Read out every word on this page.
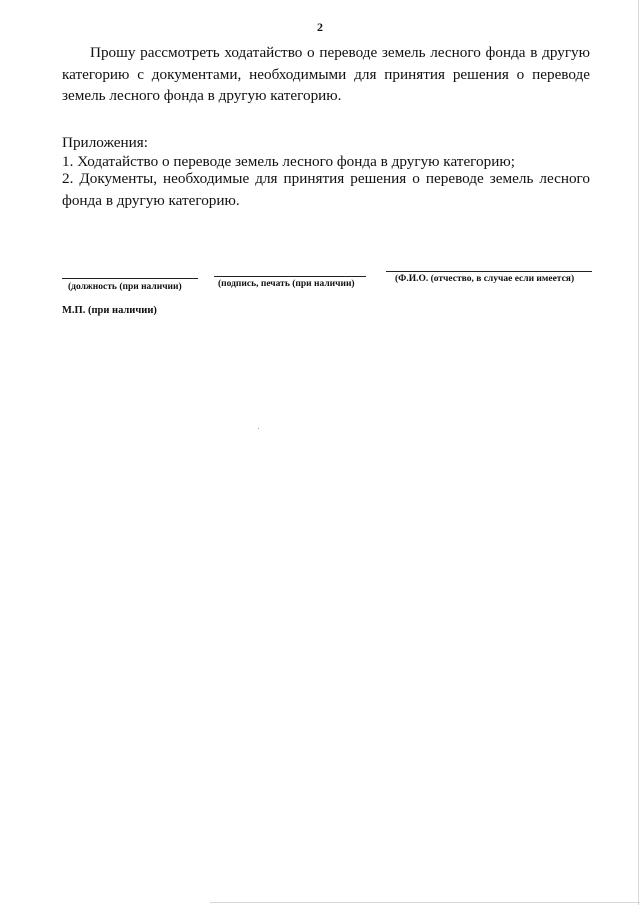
2

Прошу рассмотреть ходатайство о переводе земель лесного фонда в другую категорию с документами, необходимыми для принятия решения о переводе земель лесного фонда в другую категорию.

Приложения:

1. Ходатайство о переводе земель лесного фонда в другую категорию;

2. Документы, необходимые для принятия решения о переводе земель лесного фонда в другую категорию.

(должность (при наличии)	(подпись, печать (при наличии)	(Ф.И.О. (отчество, в случае если имеется)
М.П. (при наличии)
